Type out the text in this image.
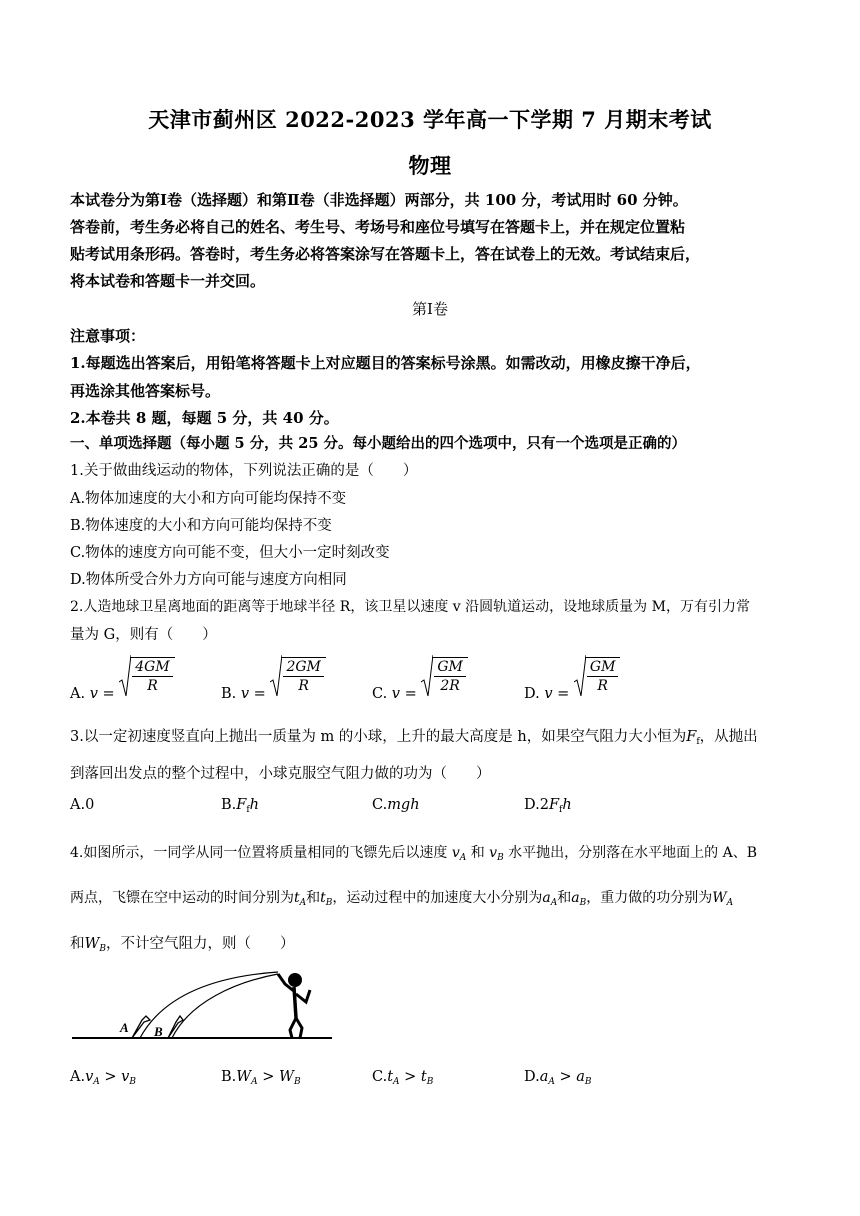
天津市蓟州区 2022-2023 学年高一下学期 7 月期末考试
物理
本试卷分为第Ⅰ卷（选择题）和第Ⅱ卷（非选择题）两部分，共 100 分，考试用时 60 分钟。
答卷前，考生务必将自己的姓名、考生号、考场号和座位号填写在答题卡上，并在规定位置粘
贴考试用条形码。答卷时，考生务必将答案涂写在答题卡上，答在试卷上的无效。考试结束后，
将本试卷和答题卡一并交回。
第Ⅰ卷
注意事项：
1.每题选出答案后，用铅笔将答题卡上对应题目的答案标号涂黑。如需改动，用橡皮擦干净后，
再选涂其他答案标号。
2.本卷共 8 题，每题 5 分，共 40 分。
一、单项选择题（每小题 5 分，共 25 分。每小题给出的四个选项中，只有一个选项是正确的）
1.关于做曲线运动的物体，下列说法正确的是（　　）
A.物体加速度的大小和方向可能均保持不变
B.物体速度的大小和方向可能均保持不变
C.物体的速度方向可能不变，但大小一定时刻改变
D.物体所受合外力方向可能与速度方向相同
2.人造地球卫星离地面的距离等于地球半径 R，该卫星以速度 v 沿圆轨道运动，设地球质量为 M，万有引力常
量为 G，则有（　　）
A. $v = \frac{4GM}{R}$	B. $v = \frac{2GM}{R}$	C. $v = \frac{GM}{2R}$	D. $v = \frac{GM}{R}$
3.以一定初速度竖直向上抛出一质量为 m 的小球，上升的最大高度是 h，如果空气阻力大小恒为$F_f$，从抛出
到落回出发点的整个过程中，小球克服空气阻力做的功为（　　）
A.0	$B.F_fh$	C.mgh	$D.2F_fh$
4.如图所示，一同学从同一位置将质量相同的飞镖先后以速度 $v_A$ 和 $v_B$ 水平抛出，分别落在水平地面上的 A、B
两点，飞镖在空中运动的时间分别为$t_A$和$t_B$，运动过程中的加速度大小分别为$a_A$和$a_B$，重力做的功分别为$W_A$
和$W_B$，不计空气阻力，则（　　）
A B
$A.v_A > v_B$	$B.W_A > W_B$	$C.t_A > t_B$	$D.a_A > a_B$
